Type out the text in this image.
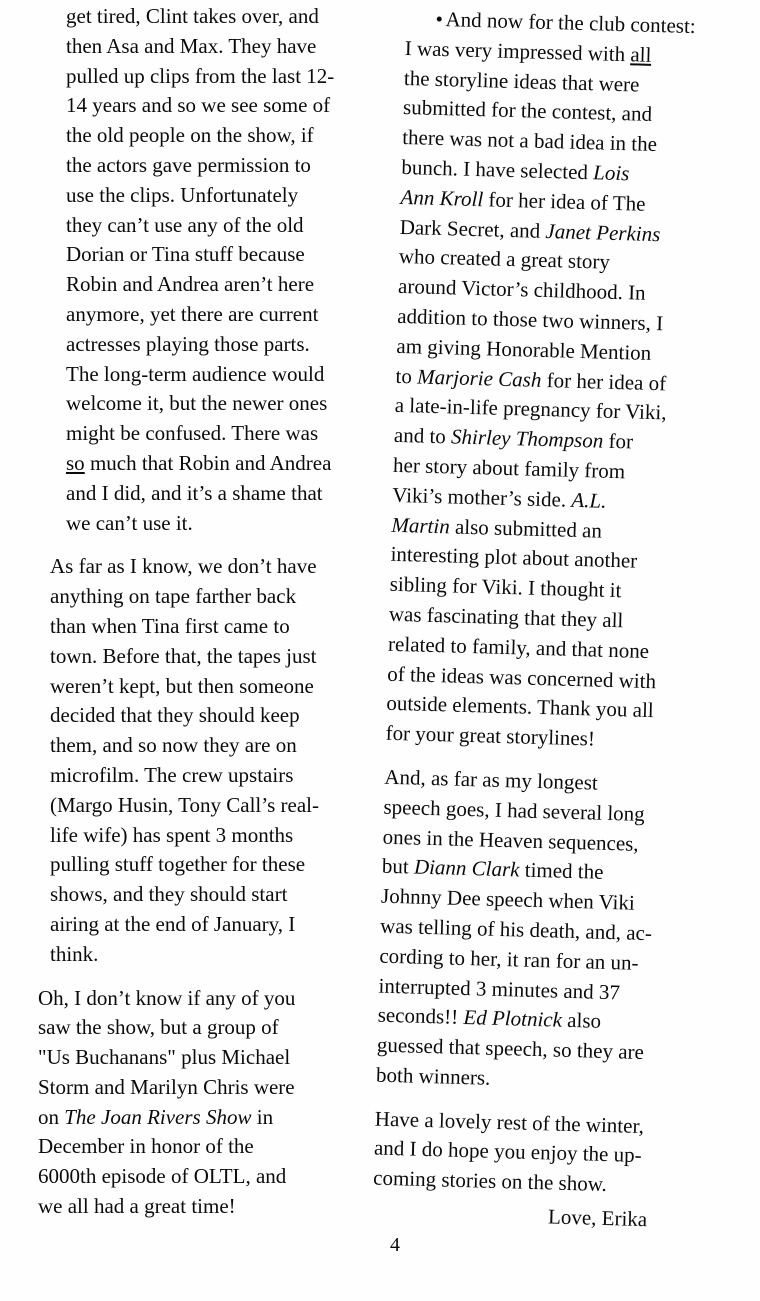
get tired, Clint takes over, and
then Asa and Max. They have
pulled up clips from the last 12-
14 years and so we see some of
the old people on the show, if
the actors gave permission to
use the clips. Unfortunately
they can’t use any of the old
Dorian or Tina stuff because
Robin and Andrea aren’t here
anymore, yet there are current
actresses playing those parts.
The long-term audience would
welcome it, but the newer ones
might be confused. There was
so much that Robin and Andrea
and I did, and it’s a shame that
we can’t use it.
As far as I know, we don’t have
anything on tape farther back
than when Tina first came to
town. Before that, the tapes just
weren’t kept, but then someone
decided that they should keep
them, and so now they are on
microfilm. The crew upstairs
(Margo Husin, Tony Call’s real-
life wife) has spent 3 months
pulling stuff together for these
shows, and they should start
airing at the end of January, I
think.
Oh, I don’t know if any of you
saw the show, but a group of
"Us Buchanans" plus Michael
Storm and Marilyn Chris were
on The Joan Rivers Show in
December in honor of the
6000th episode of OLTL, and
we all had a great time!
•And now for the club contest:
I was very impressed with all
the storyline ideas that were
submitted for the contest, and
there was not a bad idea in the
bunch. I have selected Lois
Ann Kroll for her idea of The
Dark Secret, and Janet Perkins
who created a great story
around Victor’s childhood. In
addition to those two winners, I
am giving Honorable Mention
to Marjorie Cash for her idea of
a late-in-life pregnancy for Viki,
and to Shirley Thompson for
her story about family from
Viki’s mother’s side. A.L.
Martin also submitted an
interesting plot about another
sibling for Viki. I thought it
was fascinating that they all
related to family, and that none
of the ideas was concerned with
outside elements. Thank you all
for your great storylines!
And, as far as my longest
speech goes, I had several long
ones in the Heaven sequences,
but Diann Clark timed the
Johnny Dee speech when Viki
was telling of his death, and, ac-
cording to her, it ran for an un-
interrupted 3 minutes and 37
seconds!! Ed Plotnick also
guessed that speech, so they are
both winners.
Have a lovely rest of the winter,
and I do hope you enjoy the up-
coming stories on the show.
Love, Erika
4
